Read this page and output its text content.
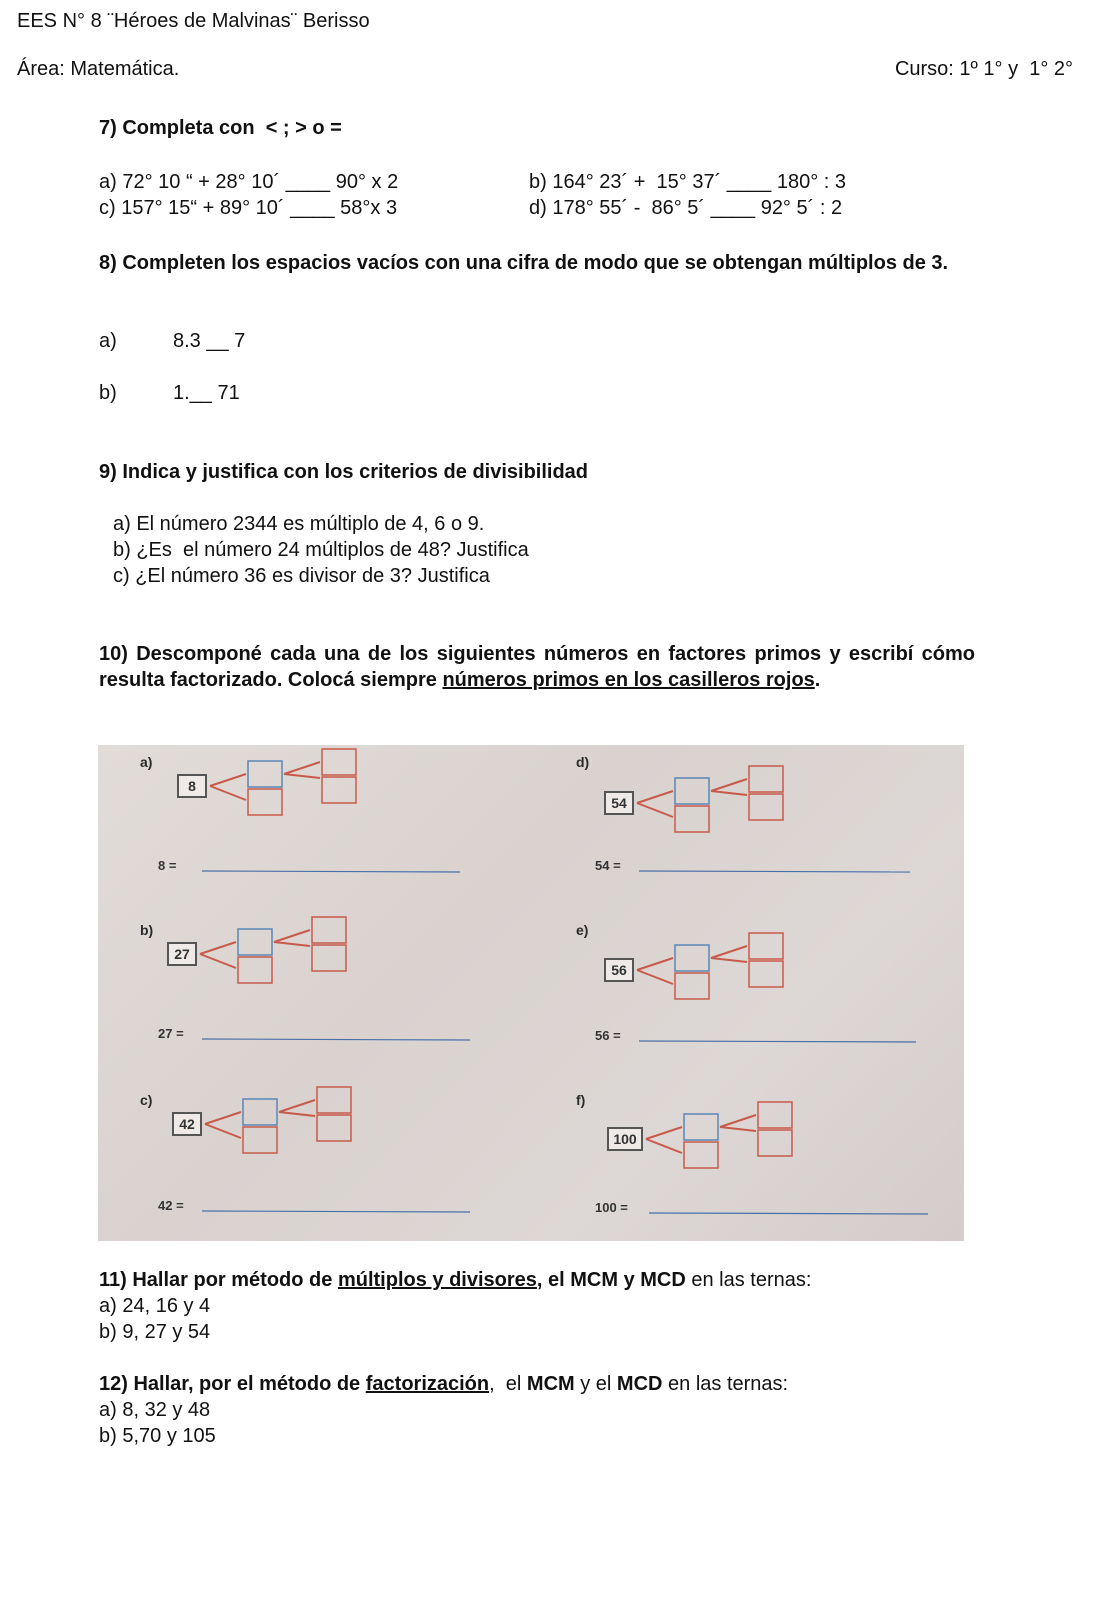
EES N° 8 ¨Héroes de Malvinas¨ Berisso
Área: Matemática.	Curso: 1º 1° y  1° 2°
7) Completa con  < ; > o =
a) 72° 10 “ + 28° 10´ ____ 90° x 2	b) 164° 23´ +  15° 37´ ____ 180° : 3
c) 157° 15“ + 89° 10´ ____ 58°x 3	d) 178° 55´ -  86° 5´ ____ 92° 5´ : 2
8) Completen los espacios vacíos con una cifra de modo que se obtengan múltiplos de 3.
a)	8.3 __ 7
b)	1.__ 71
9) Indica y justifica con los criterios de divisibilidad
a) El número 2344 es múltiplo de 4, 6 o 9.
b) ¿Es  el número 24 múltiplos de 48? Justifica
c) ¿El número 36 es divisor de 3? Justifica
10) Descomponé cada una de los siguientes números en factores primos y escribí cómo resulta factorizado. Colocá siempre números primos en los casilleros rojos.
a)
8
8 =
b)
27
27 =
c)
42
42 =
d)
54
54 =
e)
56
56 =
f)
100
100 =
11) Hallar por método de múltiplos y divisores, el MCM y MCD en las ternas:
a) 24, 16 y 4
b) 9, 27 y 54
12) Hallar, por el método de factorización,  el MCM y el MCD en las ternas:
a) 8, 32 y 48
b) 5,70 y 105
